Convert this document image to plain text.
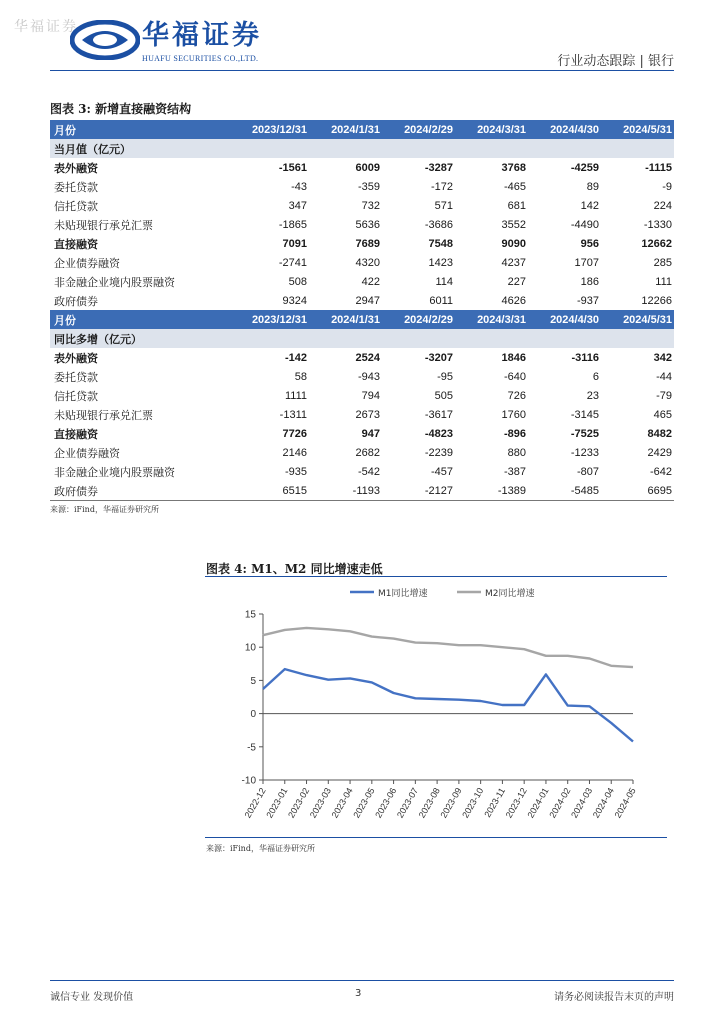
华福证券 华福证券
HUAFU SECURITIES CO.,LTD.	行业动态跟踪 | 银行
图表 3: 新增直接融资结构
月份	2023/12/31	2024/1/31	2024/2/29	2024/3/31	2024/4/30	2024/5/31
当月值（亿元）
表外融资	-1561	6009	-3287	3768	-4259	-1115
委托贷款	-43	-359	-172	-465	89	-9
信托贷款	347	732	571	681	142	224
未贴现银行承兑汇票	-1865	5636	-3686	3552	-4490	-1330
直接融资	7091	7689	7548	9090	956	12662
企业债券融资	-2741	4320	1423	4237	1707	285
非金融企业境内股票融资	508	422	114	227	186	111
政府债券	9324	2947	6011	4626	-937	12266
月份	2023/12/31	2024/1/31	2024/2/29	2024/3/31	2024/4/30	2024/5/31
同比多增（亿元）
表外融资	-142	2524	-3207	1846	-3116	342
委托贷款	58	-943	-95	-640	6	-44
信托贷款	1111	794	505	726	23	-79
未贴现银行承兑汇票	-1311	2673	-3617	1760	-3145	465
直接融资	7726	947	-4823	-896	-7525	8482
企业债券融资	2146	2682	-2239	880	-1233	2429
非金融企业境内股票融资	-935	-542	-457	-387	-807	-642
政府债券	6515	-1193	-2127	-1389	-5485	6695
来源：iFind，华福证券研究所
图表 4: M1、M2 同比增速走低
-10
-5
0
5
10
15
2022-12
2023-01
2023-02
2023-03
2023-04
2023-05
2023-06
2023-07
2023-08
2023-09
2023-10
2023-11
2023-12
2024-01
2024-02
2024-03
2024-04
2024-05
M1同比增速	M2同比增速
来源：iFind，华福证券研究所
诚信专业 发现价值	3	请务必阅读报告末页的声明
